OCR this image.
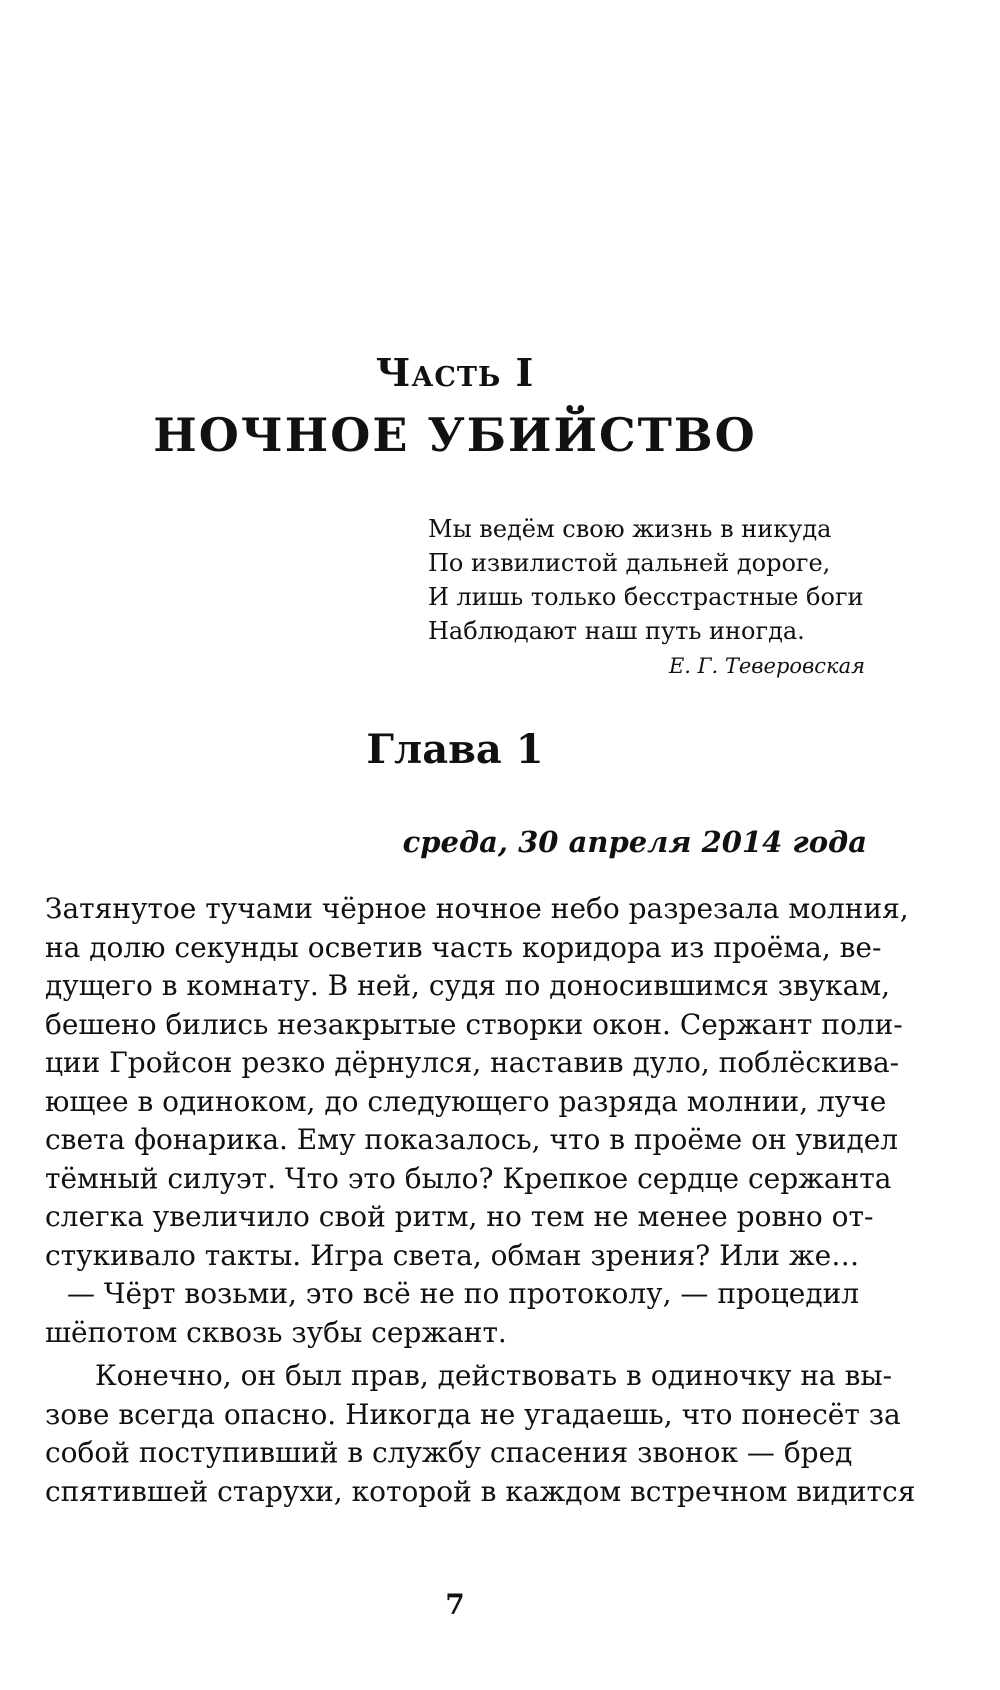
Часть I
НОЧНОЕ УБИЙСТВО
Мы ведём свою жизнь в никуда
По извилистой дальней дороге,
И лишь только бесстрастные боги
Наблюдают наш путь иногда.
Е. Г. Теверовская
Глава 1
среда, 30 апреля 2014 года
Затянутое тучами чёрное ночное небо разрезала молния,
на долю секунды осветив часть коридора из проёма, ве-
дущего в комнату. В ней, судя по доносившимся звукам,
бешено бились незакрытые створки окон. Сержант поли-
ции Гройсон резко дёрнулся, наставив дуло, поблёскива-
ющее в одиноком, до следующего разряда молнии, луче
света фонарика. Ему показалось, что в проёме он увидел
тёмный силуэт. Что это было? Крепкое сердце сержанта
слегка увеличило свой ритм, но тем не менее ровно от-
стукивало такты. Игра света, обман зрения? Или же…
— Чёрт возьми, это всё не по протоколу, — процедил
шёпотом сквозь зубы сержант.
Конечно, он был прав, действовать в одиночку на вы-
зове всегда опасно. Никогда не угадаешь, что понесёт за
собой поступивший в службу спасения звонок — бред
спятившей старухи, которой в каждом встречном видится
7
